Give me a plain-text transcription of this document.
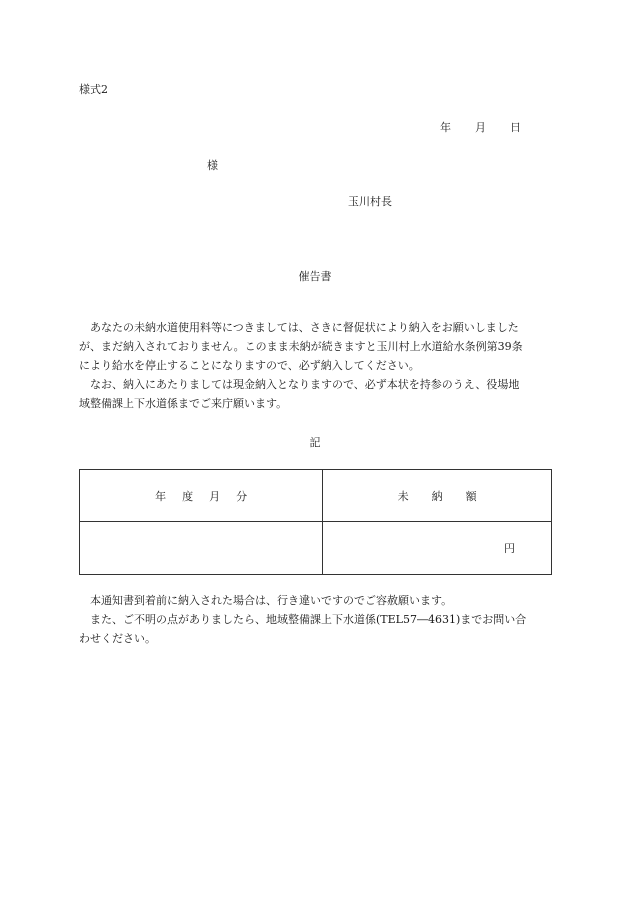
様式2
年 月 日
様
玉川村長
催告書

あなたの未納水道使用料等につきましては、さきに督促状により納入をお願いしました
が、まだ納入されておりません。このまま未納が続きますと玉川村上水道給水条例第39条
により給水を停止することになりますので、必ず納入してください。
なお、納入にあたりましては現金納入となりますので、必ず本状を持参のうえ、役場地
域整備課上下水道係までご来庁願います。

記
年 度 月 分	未 納 額
	円

本通知書到着前に納入された場合は、行き違いですのでご容赦願います。
また、ご不明の点がありましたら、地域整備課上下水道係(TEL57―4631)までお問い合
わせください。
